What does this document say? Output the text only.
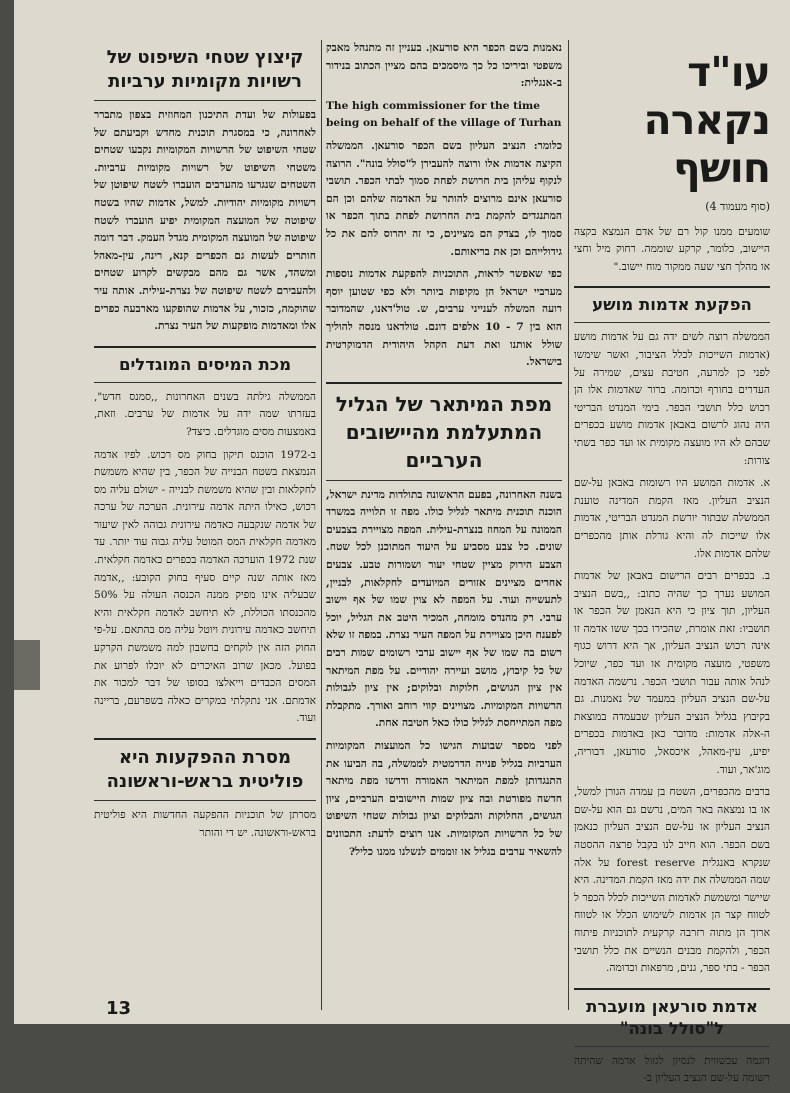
עו"ד נקארה חושף
(סוף מעמוד 4)

שומעים ממנו קול רם של אדם הנמצא בקצה היישוב, כלומר, קרקע שוממה. רחוק מיל וחצי או מהלך חצי שעה ממקור מוח יישוב."

הפקעת אדמות מושע

הממשלה רוצה לשים ידה גם על אדמות מושע (אדמות השייכות לכלל הציבור, ואשר שימשו לפני כן למרעה, חטיבת עצים, שמירה על העדרים בחורף וכדומה. ברור שאדמות אלו הן רכוש כלל תושבי הכפר. בימי המנדט הבריטי היה נהוג לרשום באבאן אדמות מושע בכפרים שבהם לא היו מועצה מקומית או ועד כפר בשתי צורות:

א. אדמות המושע היו רשומות באבאן על-שם הנציב העליון. מאז הקמת המדינה טוענת הממשלה שבתור יורשת המנדט הבריטי, אדמות אלו שייכות לה והיא גורלת אותן מהכפרים שלהם אדמות אלו.

ב. בכפרים רבים הרישום באבאן של אדמות המושע נערך כך שהיה כתוב: ,,בשם הנציב העליון, תוך ציון כי היא הנאמן של הכפר או תושביו: זאת אומרת, שהכירו בכך ששו אדמה זו אינה רכוש הנציב העליון, אך היא דרוש כגוף משפטי, מועצה מקומית או ועד כפר, שיוכל לנהל אותה עבור תושבי הכפר. נרשמה האדמה על-שם הנציב העליון במעמד של נאמנות. גם בקיבוץ בגליל הנציב העליון שבעמדה במוצאת ה-אלה אדמות: מדובר כאן באדמות בכפרים יפיע, עין-מאהל, איכסאל, סורעאן, דבוריה, מוג'אר, ועוד.

ברבים מהכפרים, השטח בן עמדה הגורן למשל, או בו נמצאה באר המים, נרשם גם הוא על-שם הנציב העליון או על-שם הנציב העליון כנאמן בשם הכפר. הוא חייב לנו בקבל פרצה ההסטה שנקרא באנגלית forest reserve על אלה שמה הממשלה את ידה מאז הקמת המדינה. היא שיישר ומשמשת לאדמות השייכות לכלל הכפר ל לטווח קצר הן אדמות לשימוש הכלל או לטווח ארוך הן מתוה רזרבה קרקעית לתוכניות פיתוח הכפר, ולהקמת מבנים הנשיים את כלל תושבי הכפר - בתי ספר, גנים, מרפאות וכדומה.

אדמת סורעאן מועברת ל"סולל בונה"

דוגמה עכשווית לנסיון לגזול אדמה שהיתה רשומה על-שם הנציב העליון ב-

נאמנות בשם הכפר היא סורעאן. בעניין זה מתנהל מאבק משפטי וביריכו כל כך מיסמכים בהם מציין הכתוב בנידור ב-אנגלית:

The high commissioner for the time being on behalf of the village of Turhan

כלומר: הנציב העליון בשם הכפר סורעאן. הממשלה הקיצה אדמות אלו ורוצה להעבירן ל"סולל בונה". הרוצה לנקוף עליהן בית חרושת לפחת סמוך לבתי הכפר. תושבי סורעאן אינם מרוצים להותר על האדמה שלהם וכן הם המתנגדים להקמת בית החרושת לפחת בתוך הכפר או סמוך לו, בצדק הם מציינים, כי זה יהרוס להם את כל גידולייהם וכן את בריאותם.

כפי שאפשר לראות, התוכניות להפקעת אדמות נוספות מערביי ישראל הן מקיפות ביותר ולא כפי שטוען יוסף רועה המשלה לענייני ערבים, ש. טול'דאנו, שהמדובר הוא בין 7 - 10 אלפים דונם. טולדאנו מנסה להוליך שולל אותנו ואת דעת הקהל היהודית הדמוקרטית בישראל.

מפת המיתאר של הגליל המתעלמת מהיישובים הערביים

בשנה האחרונה, בפעם הראשונה בתולדות מדינת ישראל, הוכנה תוכנית מיתאר לגליל כולו. מפה זו תלוייה במשרד הממונה על המחוז בנצרת-עילית. המפה מצויירת בצבעים שונים. כל צבע מסביע על היעוד המתוכנן לכל שטח. הצבע הירוק מציין שטחי יעור ושמורות טבע. צבעים אחרים מציינים אזורים המיועדים לחקלאות, לבניין, לתעשייה ועוד. על המפה לא צוין שמו של אף יישוב ערבי. רק מהנדס מומחה, המכיר היטב את הגליל, יוכל לפענח היכן מצויירת על המפה העיר נצרת. במפה זו שלא רשום בה שמו של אף יישוב ערבי רשומים שמות רבים של כל קיבוץ, מושב ועיירה יהודיים. על מפת המיתאר אין ציון הגושים, חלוקות ובלוקים; אין ציון לגבולות הרשויות המקומיות. מצויינים קווי רוחב ואורך. מתקבלת מפה המתייחסת לגליל כולו כאל חטיבה אחת.

לפני מספר שבועות הגישו כל המועצות המקומיות הערביות בגליל פנייה הדרמטית לממשלה, בה הביעו את התנגדותן למפת המיתאר האמורה ודרשו מפת מיתאר חדשה מפורטת ובה ציון שמות היישובים הערביים, ציון הגושים, החלוקות והבלוקים וציון גבולות שטחי השיפוט של כל הרשויות המקומיות. אנו רוצים לדעת: התכוונים להשאיר ערבים בגליל או זוממים לנשלנו ממנו כליל?

קיצוץ שטחי השיפוט של רשויות מקומיות ערביות

בפעולות של ועדת התיכנון המחוזית בצפון מתברר לאחרונה, כי במסגרת תוכנית מחדש וקביעתם של שטחי השיפוט של הרשויות המקומיות נקבעו שטחים משטחי השיפוט של רשויות מקומיות ערביות. השטחים שנגרעו מהערבים הועברו לשטח שיפוטן של רשויות מקומיות יהודיות. למשל, אדמות שהיו בשטח שיפוטה של המועצה המקומית יפיע הועברו לשטח שיפוטה של המועצה המקומית מגדל העמק. דבר דומה חותרים לעשות גם הכפרים קנא, רינה, עין-מאהל ומשהד, אשר גם מהם מבקשים לקרוע שטחים ולהעבירם לשטח שיפוטה של נצרת-עילית. אותה עיר שהוקמה, כזכור, על אדמות שהופקעו מארבעה כפרים אלו ומאדמות מופקעות של העיר נצרת.

מכת המיסים המוגדלים

הממשלה גילתה בשנים האחרונות ,,סמנס חדש", בעזרתו שמה ידה על אדמות של ערבים. וזאת, באמצעות מסים מוגדלים. כיצד?

ב-1972 הוכנס תיקון בחוק מס רכוש. לפיו אדמה הנמצאת בשטח הבנייה של הכפר, בין שהיא משמשת לחקלאות ובין שהיא משמשת לבנייה - ישולם עליה מס רכוש, כאילו היתה אדמה עירונית. הערכה של ערכה של אדמה שנקבעה כאדמה עירונית גבוהה לאין שיעור מאדמה חקלאית המס המוטל עליה גבוה עוד יותר. עד שנת 1972 הוערכה האדמה בכפרים כאדמה חקלאית. מאז אותה שנה קיים סעיף בחוק הקובע: ,,אדמה שבעליה אינו מפיק ממנה הכנסה העולה על 50% מהכנסתו הכוללת, לא תיחשב לאדמה חקלאית והיא תיחשב כאדמה עירונית ויוטל עליה מס בהתאם. על-פי החוק הזה אין לוקחים בחשבון למה משמשת הקרקע בפועל. מכאן שרוב האיכרים לא יוכלו לפרוע את המסים הכבדים וייאלצו בסופו של דבר למכור את אדמתם. אני נתקלתי במקרים כאלה בשפרעם, בריינה ועוד.

מסרת ההפקעות היא פוליטית בראש-וראשונה

מסרתן של תוכניות ההפקעה החדשות היא פוליטית בראש-וראשונה. יש די והותר

13
